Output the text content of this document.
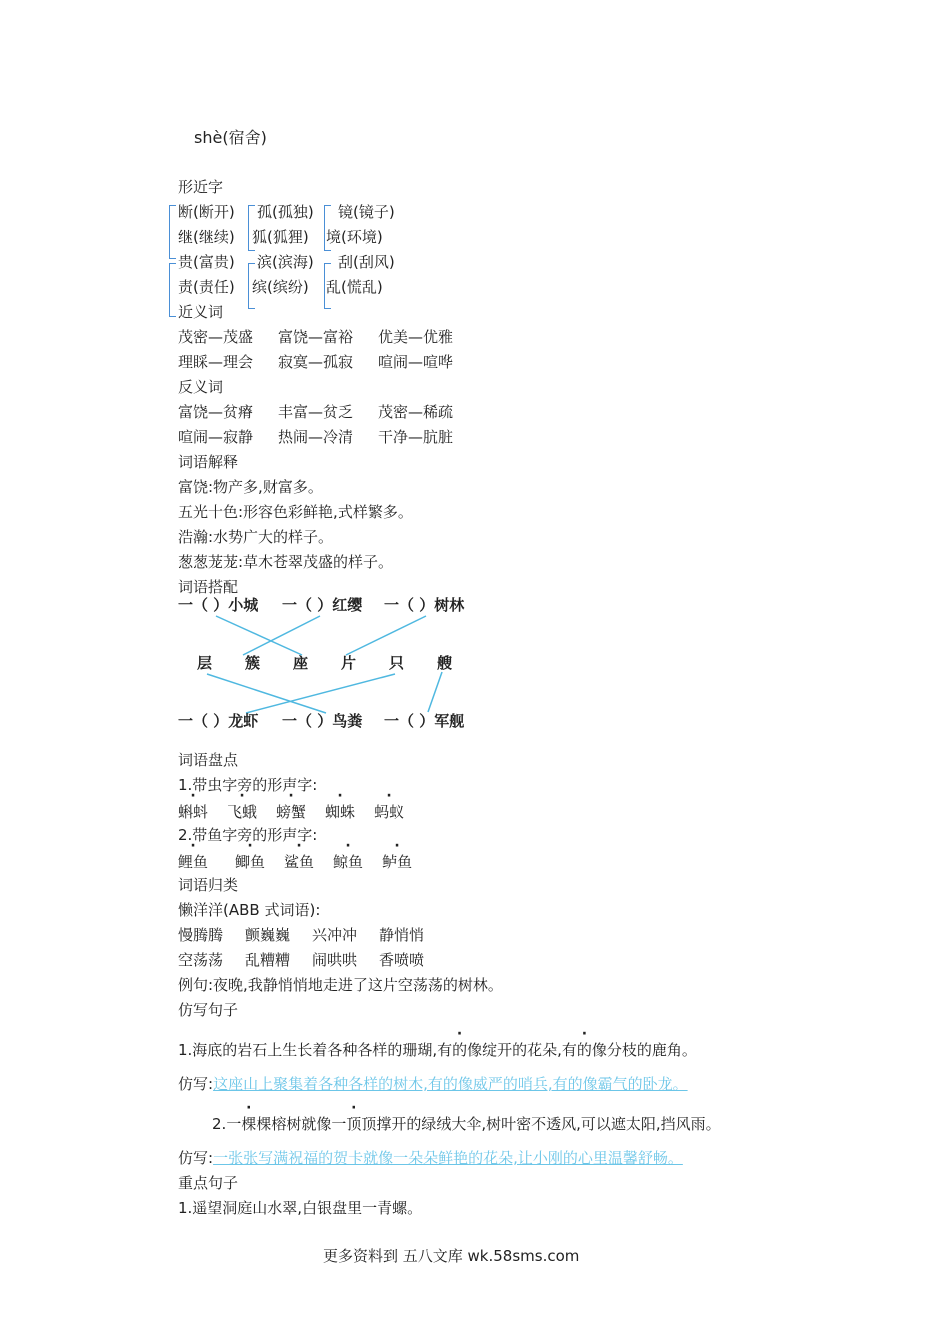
shè(宿舍)
形近字
断(断开)
继(继续)
孤(孤独)
狐(狐狸)
镜(镜子)
境(环境)
贵(富贵)
责(责任)
滨(滨海)
缤(缤纷)
刮(刮风)
乱(慌乱)
近义词
茂密—茂盛 富饶—富裕 优美—优雅
理睬—理会 寂寞—孤寂 喧闹—喧哗
反义词
富饶—贫瘠 丰富—贫乏 茂密—稀疏
喧闹—寂静 热闹—冷清 干净—肮脏
词语解释
富饶:物产多,财富多。
五光十色:形容色彩鲜艳,式样繁多。
浩瀚:水势广大的样子。
葱葱茏茏:草木苍翠茂盛的样子。
词语搭配
一（ ）小城 一（ ）红缨 一（ ）树林
层 簇 座 片 只 艘
一（ ）龙虾 一（ ）鸟粪 一（ ）军舰
词语盘点
1.带虫字旁的形声字:
蝌蚪 飞蛾 螃蟹 蜘蛛 蚂蚁
2.带鱼字旁的形声字:
鲤鱼 鲫鱼 鲨鱼 鲸鱼 鲈鱼
词语归类
懒洋洋(ABB 式词语):
慢腾腾 颤巍巍 兴冲冲 静悄悄
空荡荡 乱糟糟 闹哄哄 香喷喷
例句:夜晚,我静悄悄地走进了这片空荡荡的树林。
仿写句子
1.海底的岩石上生长着各种各样的珊瑚,有的像绽开的花朵,有的像分枝的鹿角。
仿写:这座山上聚集着各种各样的树木,有的像威严的哨兵,有的像霸气的卧龙。
2.一棵棵榕树就像一顶顶撑开的绿绒大伞,树叶密不透风,可以遮太阳,挡风雨。
仿写:一张张写满祝福的贺卡就像一朵朵鲜艳的花朵,让小刚的心里温馨舒畅。
重点句子
1.遥望洞庭山水翠,白银盘里一青螺。
更多资料到 五八文库 wk.58sms.com
